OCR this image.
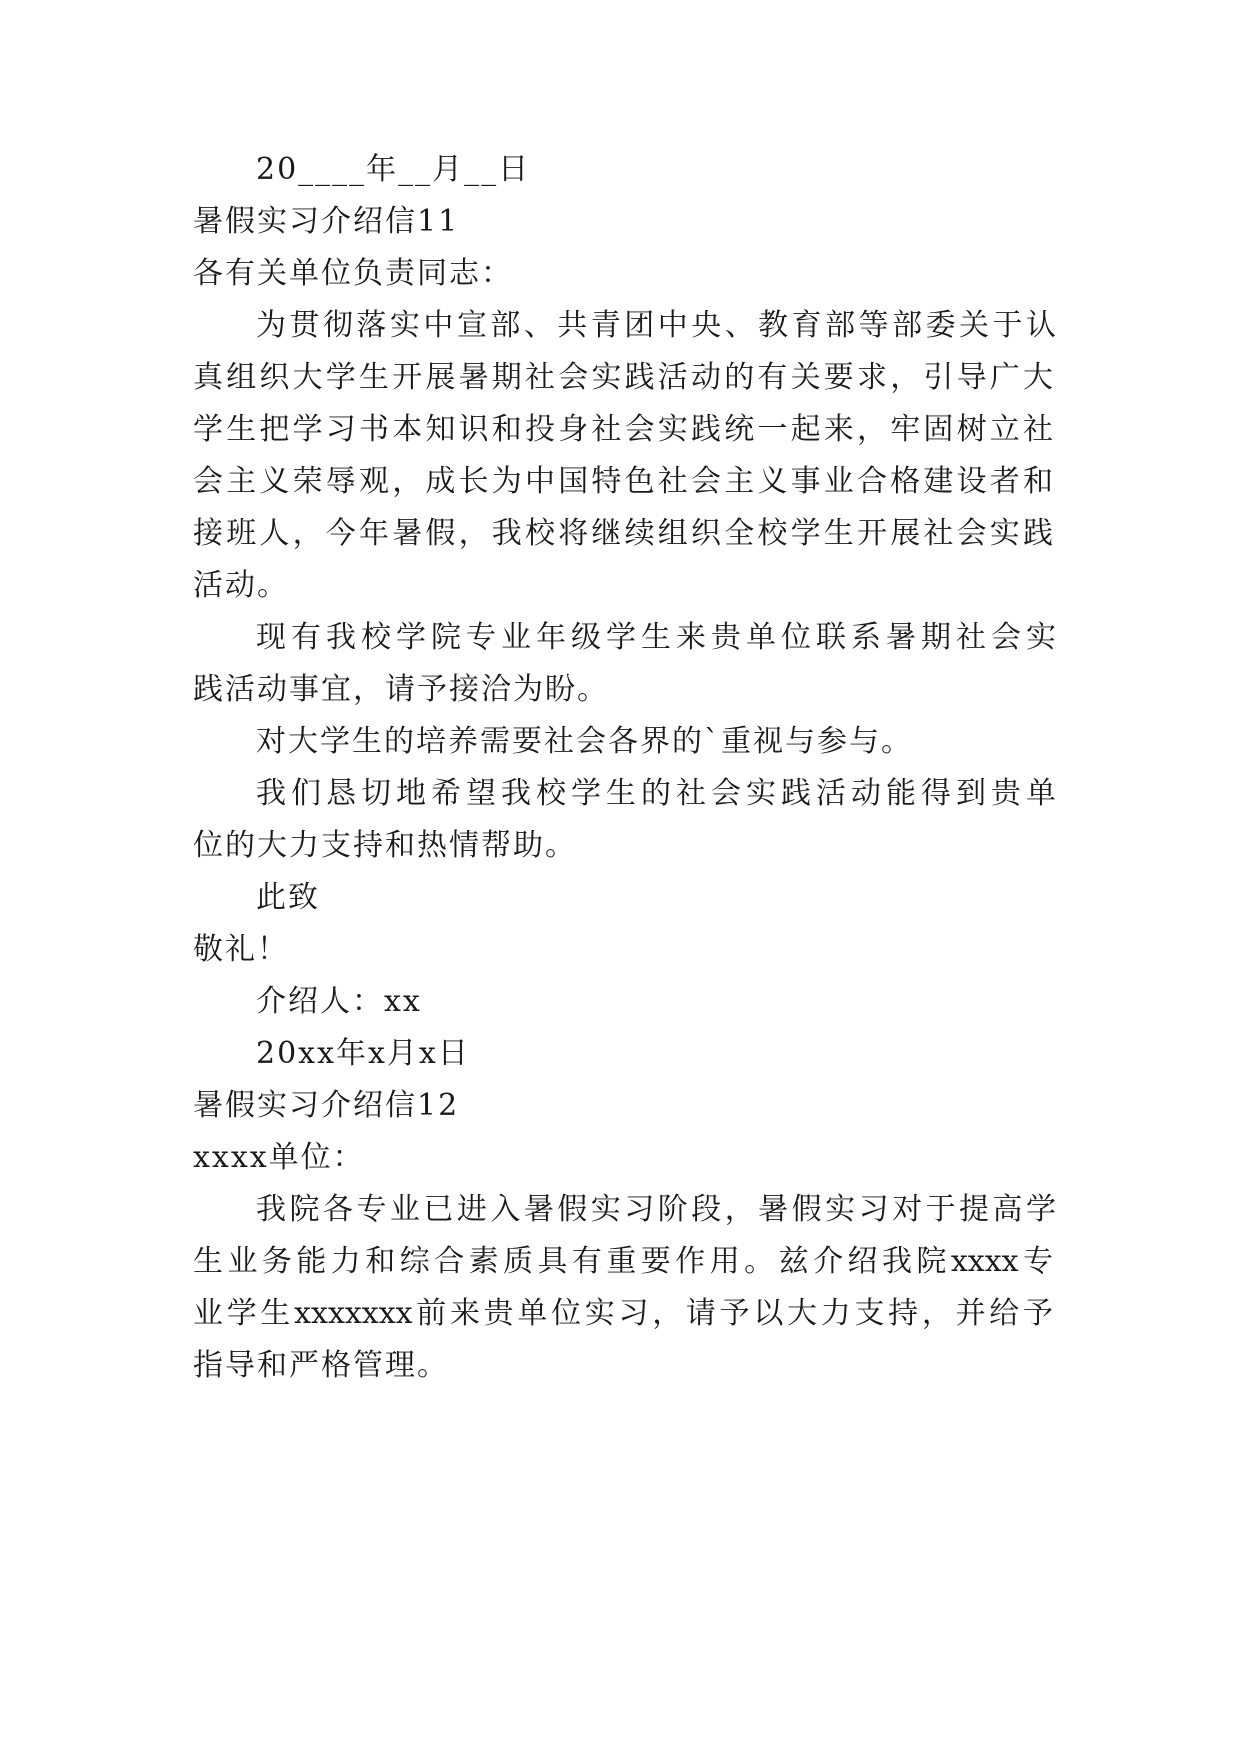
20____年__月__日
暑假实习介绍信11
各有关单位负责同志：
为贯彻落实中宣部、共青团中央、教育部等部委关于认
真组织大学生开展暑期社会实践活动的有关要求，引导广大
学生把学习书本知识和投身社会实践统一起来，牢固树立社
会主义荣辱观，成长为中国特色社会主义事业合格建设者和
接班人，今年暑假，我校将继续组织全校学生开展社会实践
活动。
现有我校学院专业年级学生来贵单位联系暑期社会实
践活动事宜，请予接洽为盼。
对大学生的培养需要社会各界的`重视与参与。
我们恳切地希望我校学生的社会实践活动能得到贵单
位的大力支持和热情帮助。
此致
敬礼！
介绍人：xx
20xx年x月x日
暑假实习介绍信12
xxxx单位：
我院各专业已进入暑假实习阶段，暑假实习对于提高学
生业务能力和综合素质具有重要作用。兹介绍我院xxxx专
业学生xxxxxxx前来贵单位实习，请予以大力支持，并给予
指导和严格管理。
